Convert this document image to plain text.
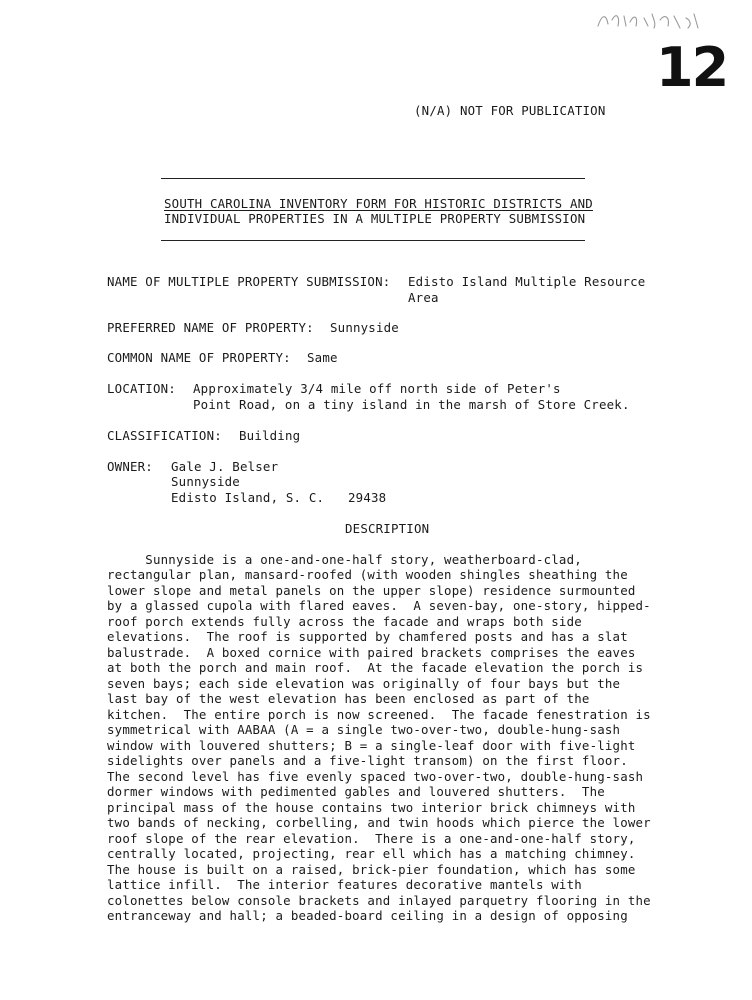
12
(N/A) NOT FOR PUBLICATION
SOUTH CAROLINA INVENTORY FORM FOR HISTORIC DISTRICTS AND
INDIVIDUAL PROPERTIES IN A MULTIPLE PROPERTY SUBMISSION
NAME OF MULTIPLE PROPERTY SUBMISSION: Edisto Island Multiple Resource
Area
PREFERRED NAME OF PROPERTY: Sunnyside
COMMON NAME OF PROPERTY: Same
LOCATION: Approximately 3/4 mile off north side of Peter's
Point Road, on a tiny island in the marsh of Store Creek.
CLASSIFICATION: Building
OWNER: Gale J. Belser
Sunnyside
Edisto Island, S. C. 29438
DESCRIPTION
Sunnyside is a one-and-one-half story, weatherboard-clad,
rectangular plan, mansard-roofed (with wooden shingles sheathing the
lower slope and metal panels on the upper slope) residence surmounted
by a glassed cupola with flared eaves.  A seven-bay, one-story, hipped-
roof porch extends fully across the facade and wraps both side
elevations.  The roof is supported by chamfered posts and has a slat
balustrade.  A boxed cornice with paired brackets comprises the eaves
at both the porch and main roof.  At the facade elevation the porch is
seven bays; each side elevation was originally of four bays but the
last bay of the west elevation has been enclosed as part of the
kitchen.  The entire porch is now screened.  The facade fenestration is
symmetrical with AABAA (A = a single two-over-two, double-hung-sash
window with louvered shutters; B = a single-leaf door with five-light
sidelights over panels and a five-light transom) on the first floor.
The second level has five evenly spaced two-over-two, double-hung-sash
dormer windows with pedimented gables and louvered shutters.  The
principal mass of the house contains two interior brick chimneys with
two bands of necking, corbelling, and twin hoods which pierce the lower
roof slope of the rear elevation.  There is a one-and-one-half story,
centrally located, projecting, rear ell which has a matching chimney.
The house is built on a raised, brick-pier foundation, which has some
lattice infill.  The interior features decorative mantels with
colonettes below console brackets and inlayed parquetry flooring in the
entranceway and hall; a beaded-board ceiling in a design of opposing
